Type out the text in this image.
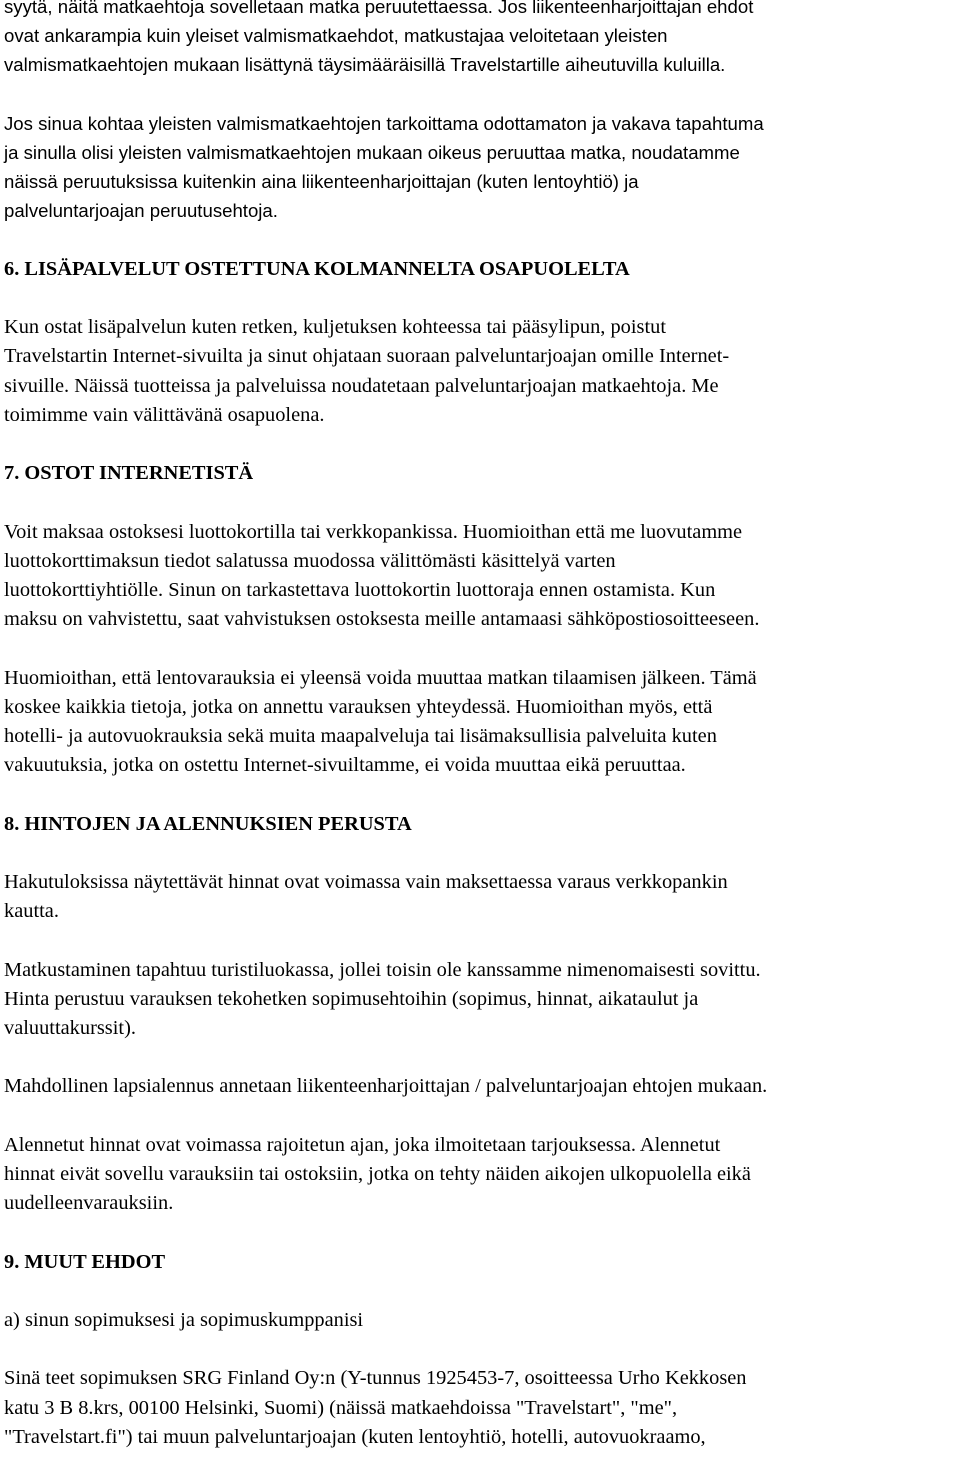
syytä, näitä matkaehtoja sovelletaan matka peruutettaessa. Jos liikenteenharjoittajan ehdot
ovat ankarampia kuin yleiset valmismatkaehdot, matkustajaa veloitetaan yleisten
valmismatkaehtojen mukaan lisättynä täysimääräisillä Travelstartille aiheutuvilla kuluilla.

Jos sinua kohtaa yleisten valmismatkaehtojen tarkoittama odottamaton ja vakava tapahtuma
ja sinulla olisi yleisten valmismatkaehtojen mukaan oikeus peruuttaa matka, noudatamme
näissä peruutuksissa kuitenkin aina liikenteenharjoittajan (kuten lentoyhtiö) ja
palveluntarjoajan peruutusehtoja.

6. LISÄPALVELUT OSTETTUNA KOLMANNELTA OSAPUOLELTA

Kun ostat lisäpalvelun kuten retken, kuljetuksen kohteessa tai pääsylipun, poistut
Travelstartin Internet-sivuilta ja sinut ohjataan suoraan palveluntarjoajan omille Internet-
sivuille. Näissä tuotteissa ja palveluissa noudatetaan palveluntarjoajan matkaehtoja. Me
toimimme vain välittävänä osapuolena.

7. OSTOT INTERNETISTÄ

Voit maksaa ostoksesi luottokortilla tai verkkopankissa. Huomioithan että me luovutamme
luottokorttimaksun tiedot salatussa muodossa välittömästi käsittelyä varten
luottokorttiyhtiölle. Sinun on tarkastettava luottokortin luottoraja ennen ostamista. Kun
maksu on vahvistettu, saat vahvistuksen ostoksesta meille antamaasi sähköpostiosoitteeseen.

Huomioithan, että lentovarauksia ei yleensä voida muuttaa matkan tilaamisen jälkeen. Tämä
koskee kaikkia tietoja, jotka on annettu varauksen yhteydessä. Huomioithan myös, että
hotelli- ja autovuokrauksia sekä muita maapalveluja tai lisämaksullisia palveluita kuten
vakuutuksia, jotka on ostettu Internet-sivuiltamme, ei voida muuttaa eikä peruuttaa.

8. HINTOJEN JA ALENNUKSIEN PERUSTA

Hakutuloksissa näytettävät hinnat ovat voimassa vain maksettaessa varaus verkkopankin
kautta.

Matkustaminen tapahtuu turistiluokassa, jollei toisin ole kanssamme nimenomaisesti sovittu.
Hinta perustuu varauksen tekohetken sopimusehtoihin (sopimus, hinnat, aikataulut ja
valuuttakurssit).

Mahdollinen lapsialennus annetaan liikenteenharjoittajan / palveluntarjoajan ehtojen mukaan.

Alennetut hinnat ovat voimassa rajoitetun ajan, joka ilmoitetaan tarjouksessa. Alennetut
hinnat eivät sovellu varauksiin tai ostoksiin, jotka on tehty näiden aikojen ulkopuolella eikä
uudelleenvarauksiin.

9. MUUT EHDOT

a) sinun sopimuksesi ja sopimuskumppanisi

Sinä teet sopimuksen SRG Finland Oy:n (Y-tunnus 1925453-7, osoitteessa Urho Kekkosen
katu 3 B 8.krs, 00100 Helsinki, Suomi) (näissä matkaehdoissa "Travelstart", "me",
"Travelstart.fi") tai muun palveluntarjoajan (kuten lentoyhtiö, hotelli, autovuokraamo,
